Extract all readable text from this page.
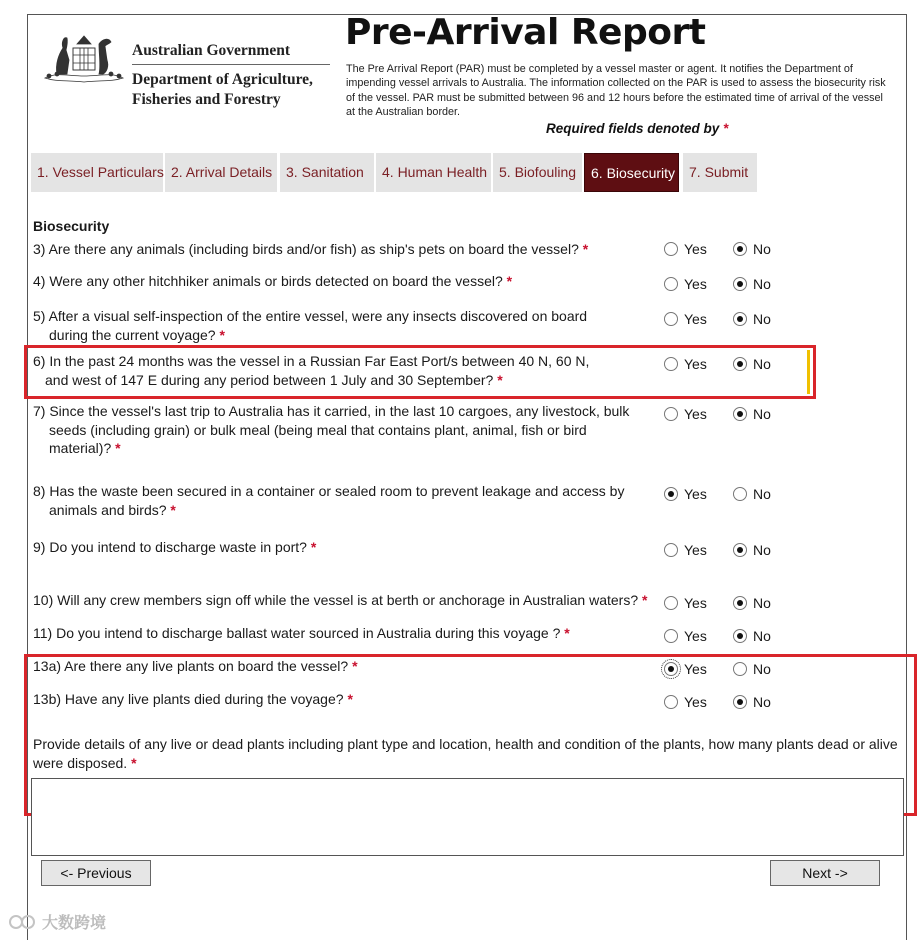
Australian Government
Department of Agriculture, Fisheries and Forestry
Pre-Arrival Report
The Pre Arrival Report (PAR) must be completed by a vessel master or agent. It notifies the Department of impending vessel arrivals to Australia. The information collected on the PAR is used to assess the biosecurity risk of the vessel. PAR must be submitted between 96 and 12 hours before the estimated time of arrival of the vessel at the Australian border.
Required fields denoted by *
1. Vessel Particulars 2. Arrival Details 3. Sanitation	4. Human Health 5. Biofouling	6. Biosecurity 7. Submit
Biosecurity
3) Are there any animals (including birds and/or fish) as ship's pets on board the vessel? *	Yes	No
4) Were any other hitchhiker animals or birds detected on board the vessel? *	Yes	No
5) After a visual self-inspection of the entire vessel, were any insects discovered on board
during the current voyage? *
Yes	No
6) In the past 24 months was the vessel in a Russian Far East Port/s between 40 N, 60 N,
and west of 147 E during any period between 1 July and 30 September? *
Yes	No
7) Since the vessel's last trip to Australia has it carried, in the last 10 cargoes, any livestock, bulk
seeds (including grain) or bulk meal (being meal that contains plant, animal, fish or bird
material)? *
Yes	No
8) Has the waste been secured in a container or sealed room to prevent leakage and access by
animals and birds? *
Yes	No
9) Do you intend to discharge waste in port? *	Yes	No
10) Will any crew members sign off while the vessel is at berth or anchorage in Australian waters? *	Yes	No
11) Do you intend to discharge ballast water sourced in Australia during this voyage ? *	Yes	No
13a) Are there any live plants on board the vessel? *	Yes	No
13b) Have any live plants died during the voyage? *	Yes	No
Provide details of any live or dead plants including plant type and location, health and condition of the plants, how many plants dead or alive were disposed. *
<- Previous	Next ->
大数跨境
